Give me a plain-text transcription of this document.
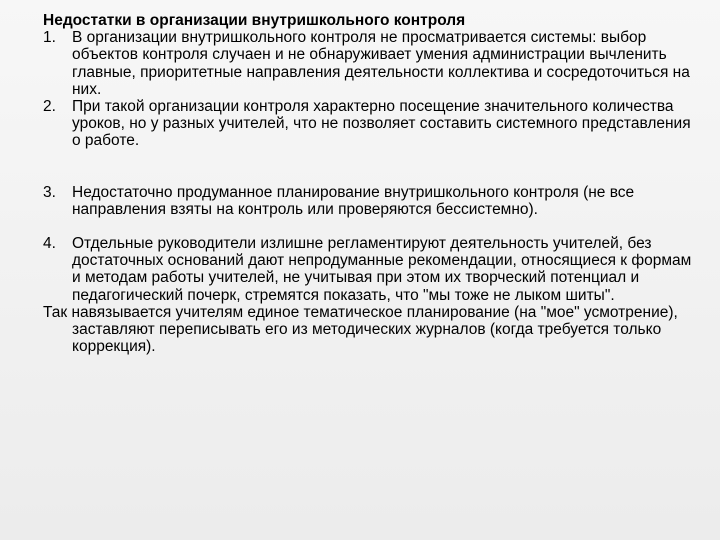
Недостатки в организации внутришкольного контроля
1.	В организации внутришкольного контроля не просматривается системы: выбор объектов контроля случаен и не обнаруживает умения администрации вычленить главные, приоритетные направления деятельности коллектива и сосредоточиться на них.
2.	При такой организации контроля характерно посещение значительного количества уроков, но у разных учителей, что не позволяет составить системного представления о работе.
3.	Недостаточно продуманное планирование внутришкольного контроля (не все направления взяты на контроль или проверяются бессистемно).
4.	Отдельные руководители излишне регламентируют деятельность учителей, без достаточных оснований дают непродуманные рекомендации, относящиеся к формам и методам работы учителей, не учитывая при этом их творческий потенциал и педагогический почерк, стремятся показать, что "мы тоже не лыком шиты".

Так навязывается учителям единое тематическое планирование (на "мое" усмотрение), заставляют переписывать его из методических журналов (когда требуется только коррекция).
